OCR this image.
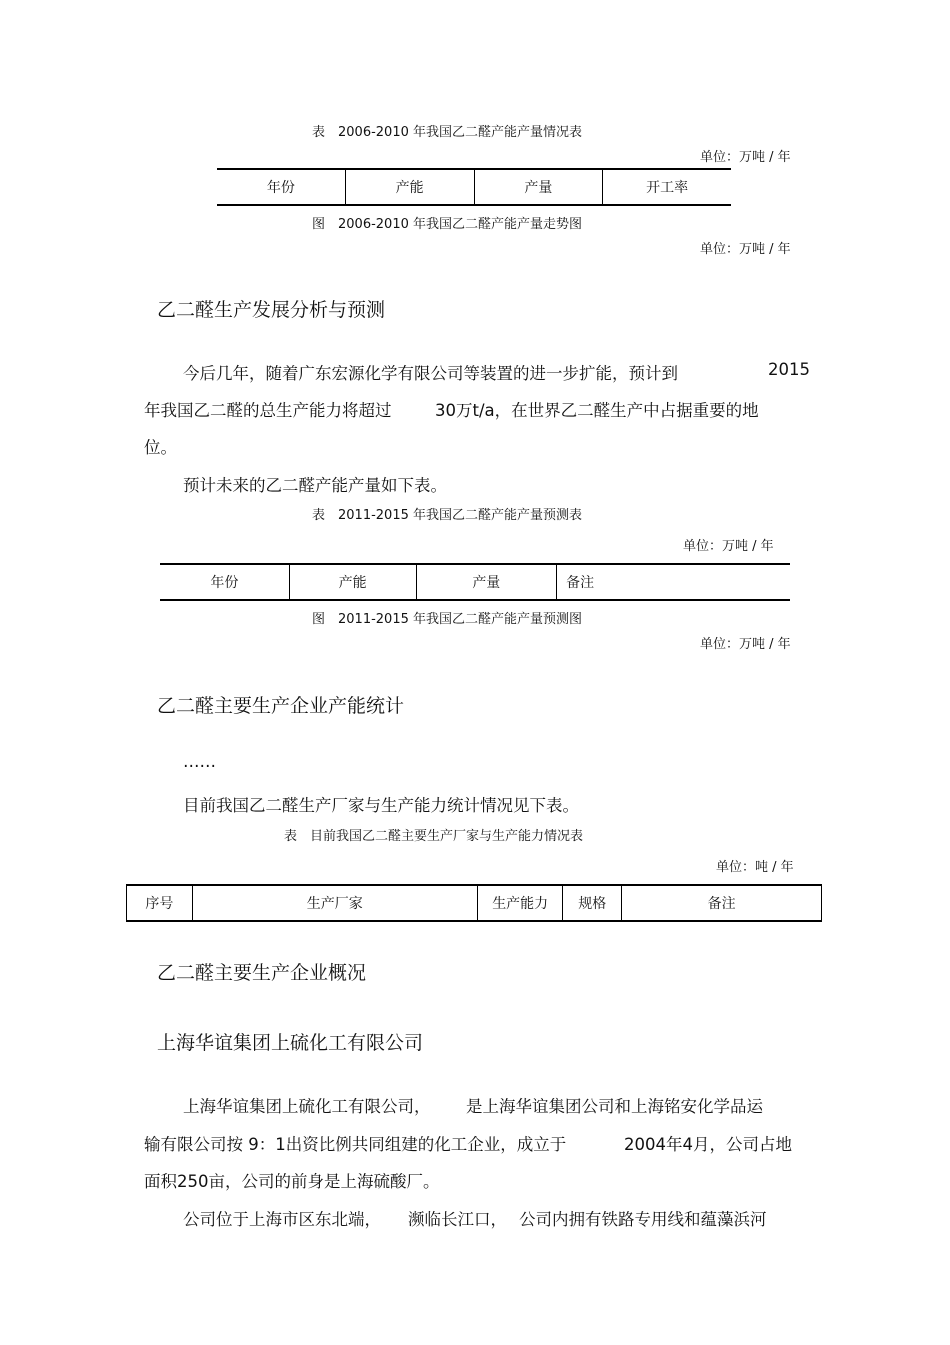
表　2006-2010 年我国乙二醛产能产量情况表
单位：万吨 / 年
年份	产能	产量	开工率
图　2006-2010 年我国乙二醛产能产量走势图
单位：万吨 / 年
乙二醛生产发展分析与预测
今后几年，随着广东宏源化学有限公司等装置的进一步扩能，预计到	2015
年我国乙二醛的总生产能力将超过	30万t/a，在世界乙二醛生产中占据重要的地
位。
预计未来的乙二醛产能产量如下表。
表　2011-2015 年我国乙二醛产能产量预测表
单位：万吨 / 年
年份	产能	产量	备注
图　2011-2015 年我国乙二醛产能产量预测图
单位：万吨 / 年
乙二醛主要生产企业产能统计
……
目前我国乙二醛生产厂家与生产能力统计情况见下表。
表　目前我国乙二醛主要生产厂家与生产能力情况表
单位：吨 / 年
序号	生产厂家	生产能力	规格	备注
乙二醛主要生产企业概况
上海华谊集团上硫化工有限公司
上海华谊集团上硫化工有限公司， 是上海华谊集团公司和上海铭安化学品运
输有限公司按 9：1出资比例共同组建的化工企业，成立于	2004年4月，公司占地
面积250亩，公司的前身是上海硫酸厂。
公司位于上海市区东北端， 濒临长江口， 公司内拥有铁路专用线和蕴藻浜河
